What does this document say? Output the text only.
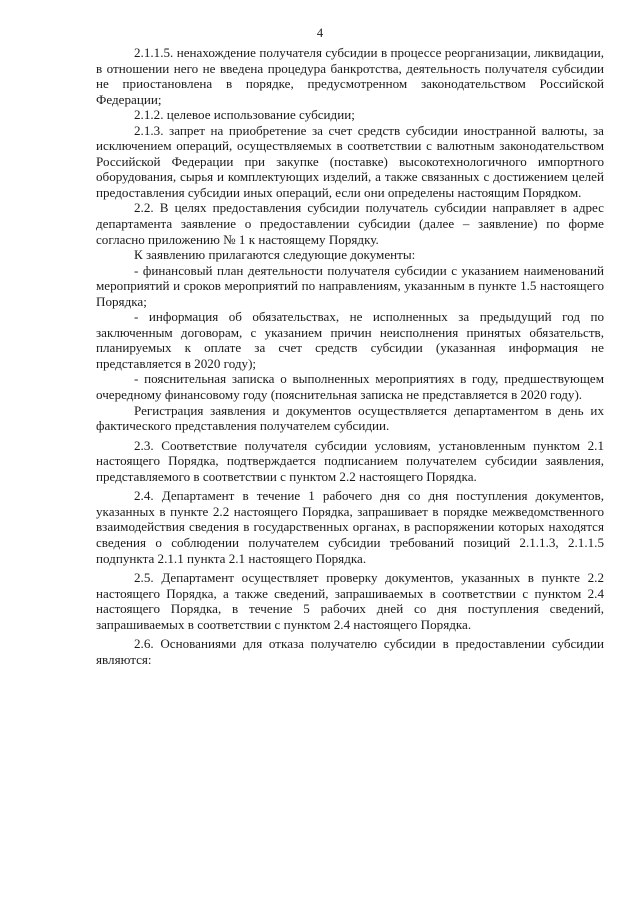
4

2.1.1.5. ненахождение получателя субсидии в процессе реорганизации, ликвидации, в отношении него не введена процедура банкротства, деятельность получателя субсидии не приостановлена в порядке, предусмотренном законодательством Российской Федерации;

2.1.2. целевое использование субсидии;

2.1.3. запрет на приобретение за счет средств субсидии иностранной валюты, за исключением операций, осуществляемых в соответствии с валютным законодательством Российской Федерации при закупке (поставке) высокотехнологичного импортного оборудования, сырья и комплектующих изделий, а также связанных с достижением целей предоставления субсидии иных операций, если они определены настоящим Порядком.

2.2. В целях предоставления субсидии получатель субсидии направляет в адрес департамента заявление о предоставлении субсидии (далее – заявление) по форме согласно приложению № 1 к настоящему Порядку.

К заявлению прилагаются следующие документы:

- финансовый план деятельности получателя субсидии с указанием наименований мероприятий и сроков мероприятий по направлениям, указанным в пункте 1.5 настоящего Порядка;

- информация об обязательствах, не исполненных за предыдущий год по заключенным договорам, с указанием причин неисполнения принятых обязательств, планируемых к оплате за счет средств субсидии (указанная информация не представляется в 2020 году);

- пояснительная записка о выполненных мероприятиях в году, предшествующем очередному финансовому году (пояснительная записка не представляется в 2020 году).

Регистрация заявления и документов осуществляется департаментом в день их фактического представления получателем субсидии.

2.3. Соответствие получателя субсидии условиям, установленным пунктом 2.1 настоящего Порядка, подтверждается подписанием получателем субсидии заявления, представляемого в соответствии с пунктом 2.2 настоящего Порядка.

2.4. Департамент в течение 1 рабочего дня со дня поступления документов, указанных в пункте 2.2 настоящего Порядка, запрашивает в порядке межведомственного взаимодействия сведения в государственных органах, в распоряжении которых находятся сведения о соблюдении получателем субсидии требований позиций 2.1.1.3, 2.1.1.5 подпункта 2.1.1 пункта 2.1 настоящего Порядка.

2.5. Департамент осуществляет проверку документов, указанных в пункте 2.2 настоящего Порядка, а также сведений, запрашиваемых в соответствии с пунктом 2.4 настоящего Порядка, в течение 5 рабочих дней со дня поступления сведений, запрашиваемых в соответствии с пунктом 2.4 настоящего Порядка.

2.6. Основаниями для отказа получателю субсидии в предоставлении субсидии являются:
